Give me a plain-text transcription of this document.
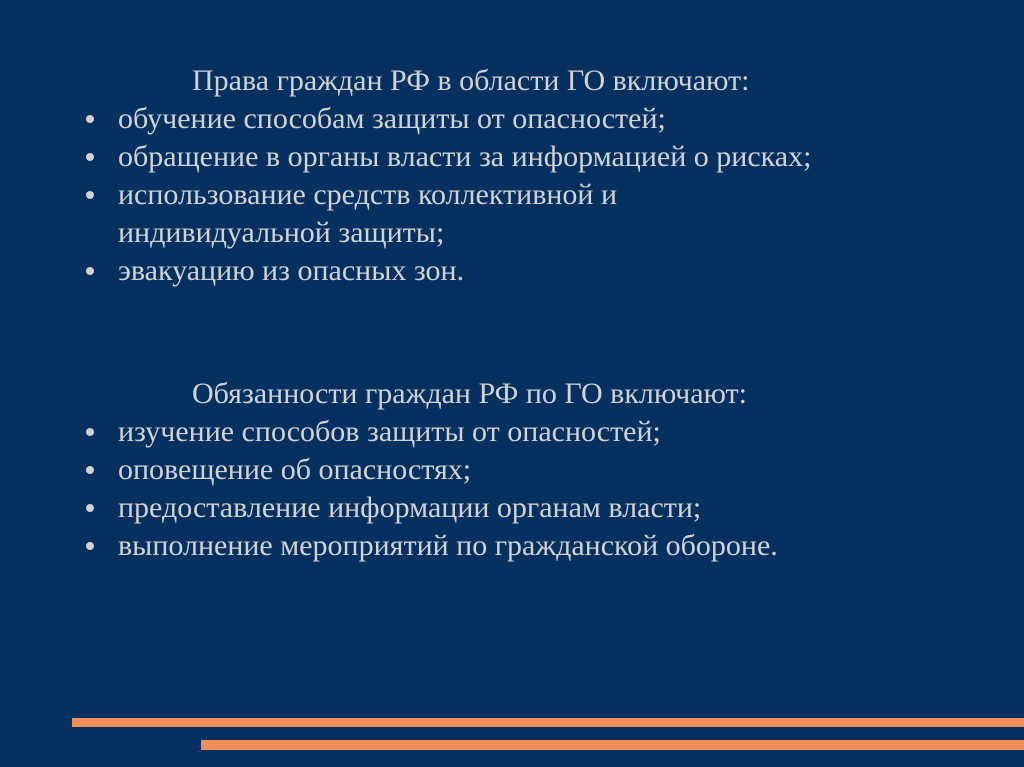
Права граждан РФ в области ГО включают:

обучение способам защиты от опасностей;
обращение в органы власти за информацией о рисках;
использование средств коллективной и
индивидуальной защиты;
эвакуацию из опасных зон.

Обязанности граждан РФ по ГО включают:

изучение способов защиты от опасностей;
оповещение об опасностях;
предоставление информации органам власти;
выполнение мероприятий по гражданской обороне.
